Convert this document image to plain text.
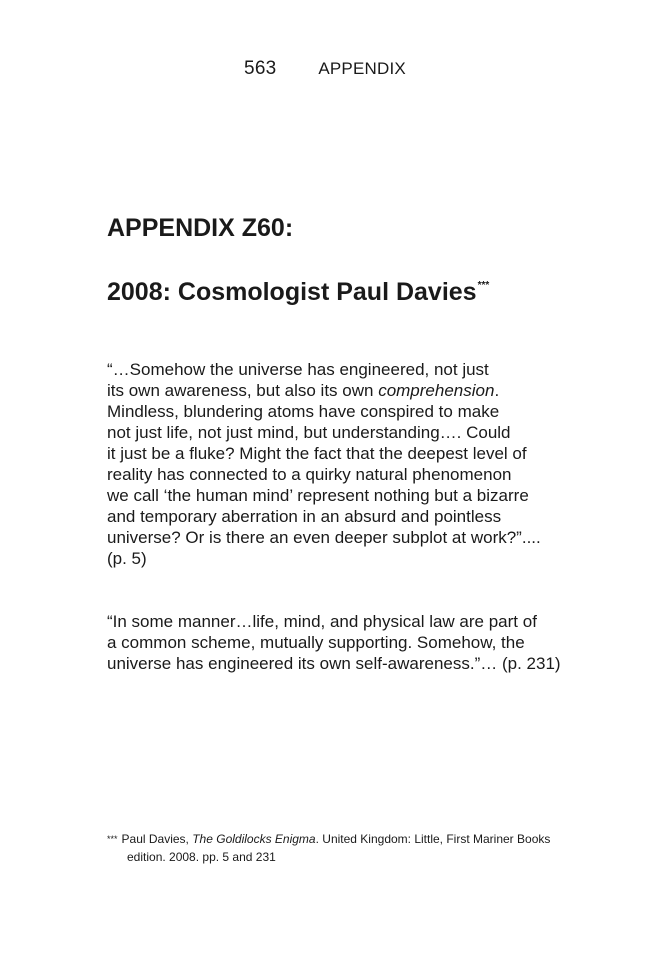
563 APPENDIX
APPENDIX Z60:
2008: Cosmologist Paul Davies***

“…Somehow the universe has engineered, not just
its own awareness, but also its own comprehension.
Mindless, blundering atoms have conspired to make
not just life, not just mind, but understanding…. Could
it just be a fluke? Might the fact that the deepest level of
reality has connected to a quirky natural phenomenon
we call ‘the human mind’ represent nothing but a bizarre
and temporary aberration in an absurd and pointless
universe? Or is there an even deeper subplot at work?”....
(p. 5)

“In some manner…life, mind, and physical law are part of
a common scheme, mutually supporting. Somehow, the
universe has engineered its own self-awareness.”… (p. 231)

*** Paul Davies, The Goldilocks Enigma. United Kingdom: Little, First Mariner Books
edition. 2008. pp. 5 and 231
